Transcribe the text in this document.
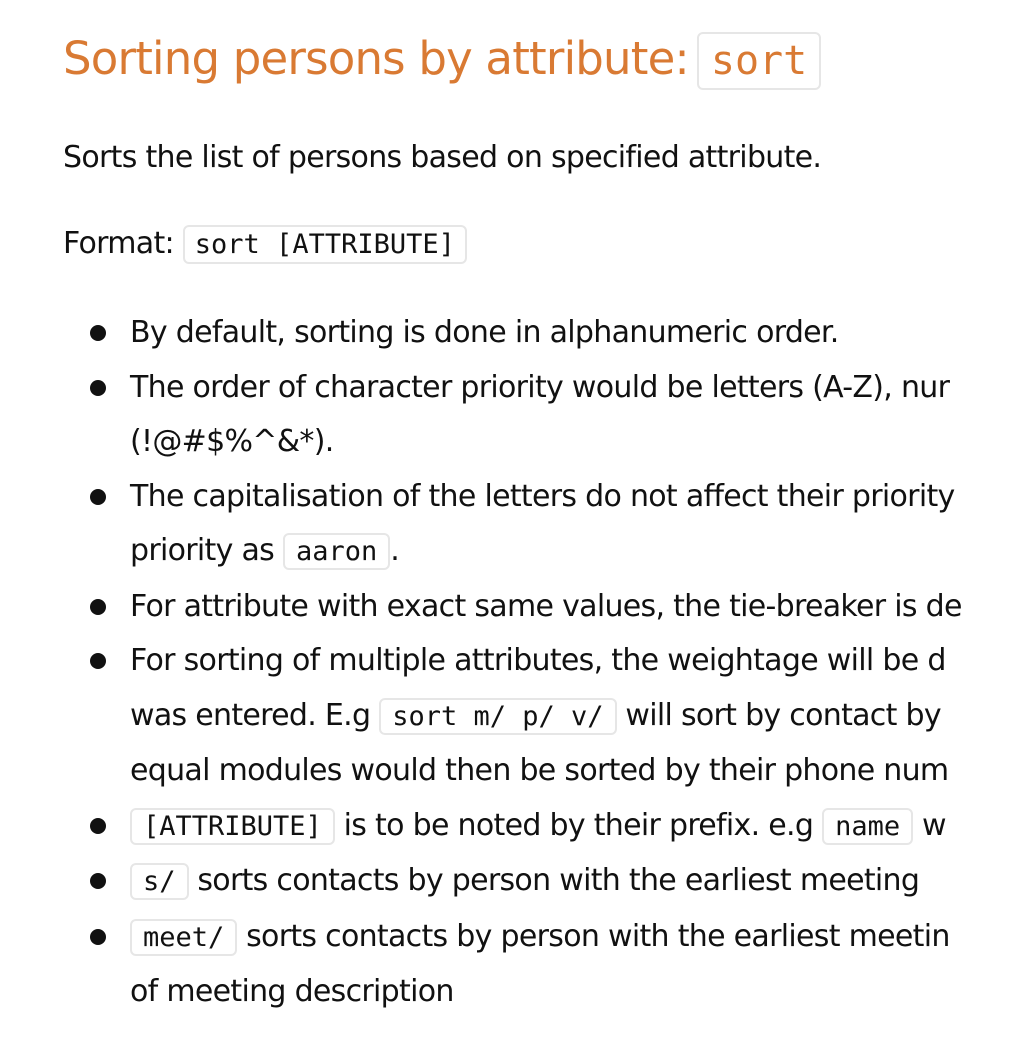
Sorting persons by attribute: sort

Sorts the list of persons based on specified attribute.

Format: sort [ATTRIBUTE]

By default, sorting is done in alphanumeric order.
The order of character priority would be letters (A-Z), nur
(!@#$%^&*).
The capitalisation of the letters do not affect their priority
priority as aaron .
For attribute with exact same values, the tie-breaker is de
For sorting of multiple attributes, the weightage will be d
was entered. E.g sort m/ p/ v/ will sort by contact by
equal modules would then be sorted by their phone num
[ATTRIBUTE] is to be noted by their prefix. e.g name w
s/ sorts contacts by person with the earliest meeting
meet/ sorts contacts by person with the earliest meetin
of meeting description
